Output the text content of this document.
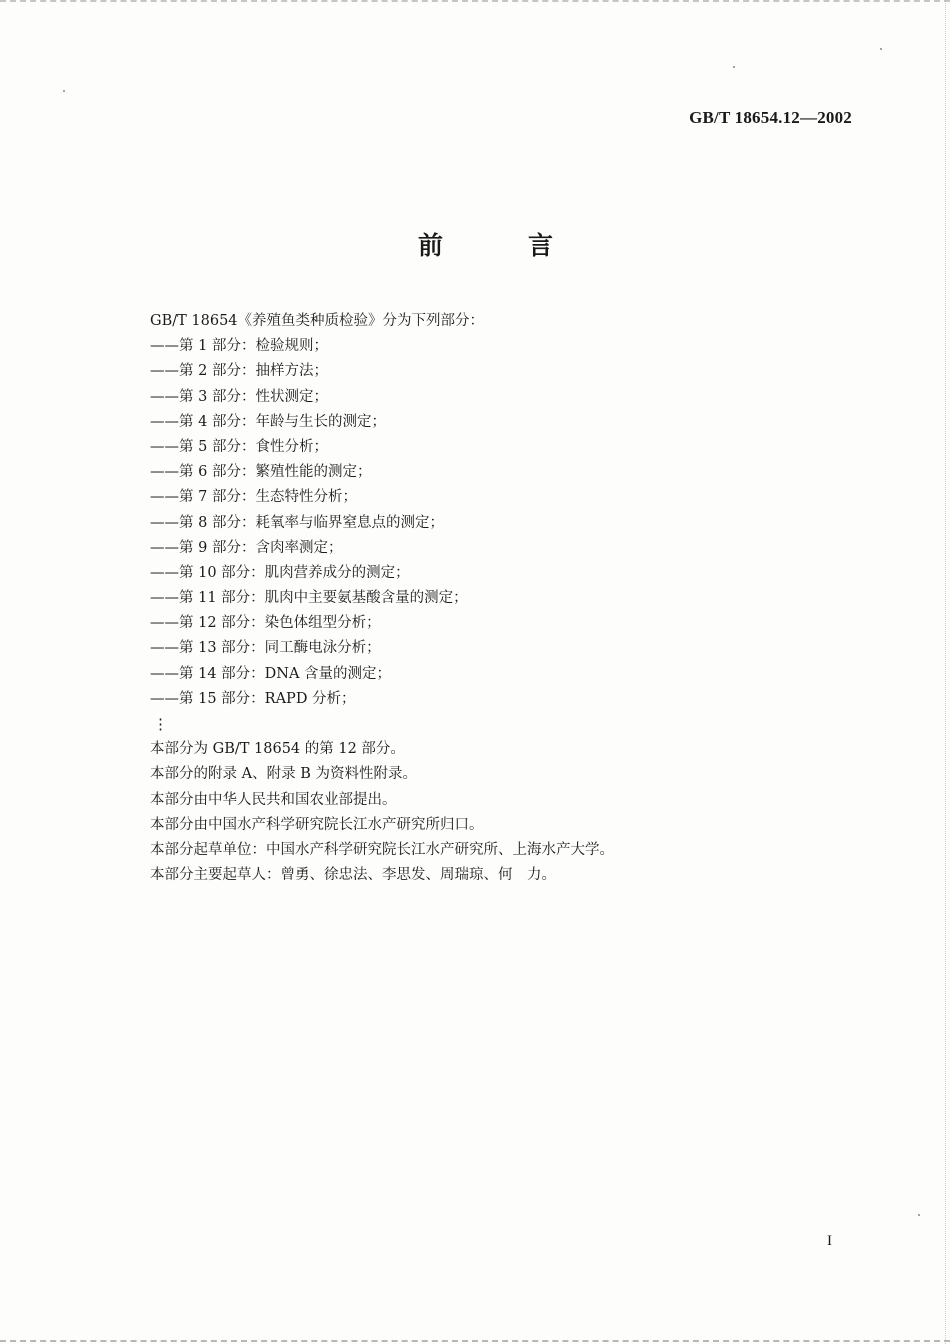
GB/T 18654.12—2002
前	言
GB/T 18654《养殖鱼类种质检验》分为下列部分：
——第 1 部分：检验规则；
——第 2 部分：抽样方法；
——第 3 部分：性状测定；
——第 4 部分：年龄与生长的测定；
——第 5 部分：食性分析；
——第 6 部分：繁殖性能的测定；
——第 7 部分：生态特性分析；
——第 8 部分：耗氧率与临界窒息点的测定；
——第 9 部分：含肉率测定；
——第 10 部分：肌肉营养成分的测定；
——第 11 部分：肌肉中主要氨基酸含量的测定；
——第 12 部分：染色体组型分析；
——第 13 部分：同工酶电泳分析；
——第 14 部分：DNA 含量的测定；
——第 15 部分：RAPD 分析；
⋮
本部分为 GB/T 18654 的第 12 部分。
本部分的附录 A、附录 B 为资料性附录。
本部分由中华人民共和国农业部提出。
本部分由中国水产科学研究院长江水产研究所归口。
本部分起草单位：中国水产科学研究院长江水产研究所、上海水产大学。
本部分主要起草人：曾勇、徐忠法、李思发、周瑞琼、何　力。
I
